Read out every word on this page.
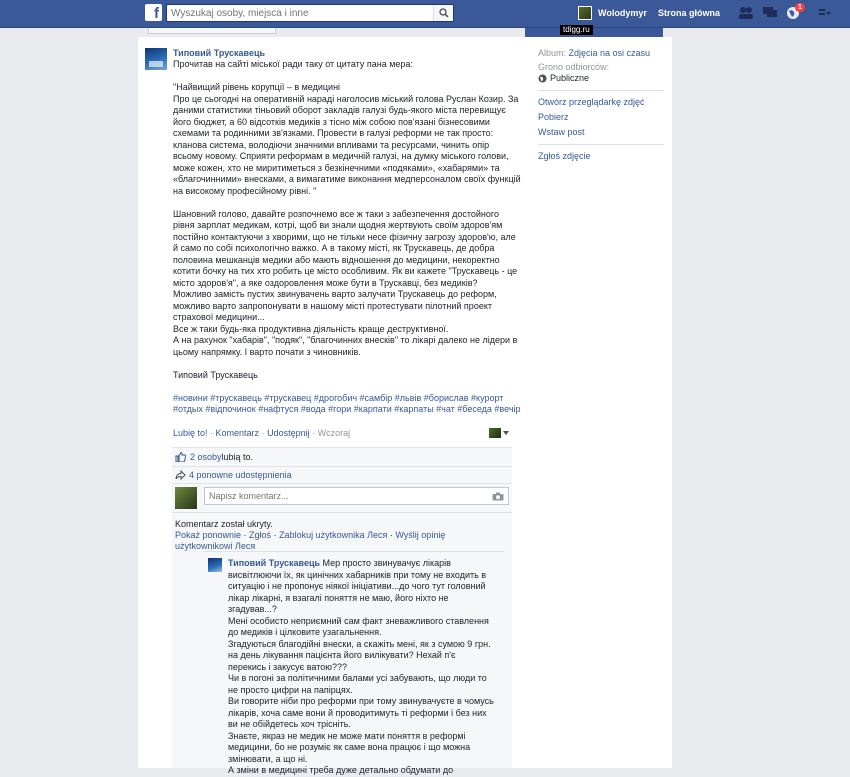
f
Wyszukaj osoby, miejsca i inne	Wolodymyr Strona główna
1
tdigg.ru
Типовий Трускавець

Прочитав на сайті міської ради таку от цитату пана мера:

"Найвищий рівень корупції – в медицині
Про це сьогодні на оперативній нараді наголосив міський голова Руслан Козир. За даними статистики тіньовий оборот закладів галузі будь-якого міста перевищує його бюджет, а 60 відсотків медиків з тісно між собою пов'язані бізнесовими схемами та родинними зв'язками. Провести в галузі реформи не так просто: кланова система, володіючи значними впливами та ресурсами, чинить опір всьому новому. Сприяти реформам в медичній галузі, на думку міського голови, може кожен, хто не миритиметься з безкінечними «подяками», «хабарями» та «благочинними» внесками, а вимагатиме виконання медперсоналом своїх функцій на високому професійному рівні. "

Шановний голово, давайте розпочнемо все ж таки з забезпечення достойного рівня зарплат медикам, котрі, щоб ви знали щодня жертвують своїм здоров'ям постійно контактуючи з хворими, що не тільки несе фізичну загрозу здоров'ю, але й само по собі психологічно важко. А в такому місті, як Трускавець, де добра половина мешканців медики або мають відношення до медицини, некоректно котити бочку на тих хто робить це місто особливим. Як ви кажете "Трускавець - це місто здоров'я", а яке оздоровлення може бути в Трускавці, без медиків?
Можливо замість пустих звинувачень варто залучати Трускавець до реформ, можливо варто запропонувати в нашому місті протестувати пілотний проект страхової медицини...
Все ж таки будь-яка продуктивна діяльність краще деструктивної.
А на рахунок "хабарів", "подяк", "благочинних внесків" то лікарі далеко не лідери в цьому напрямку. І варто почати з чиновників.

Типовий Трускавець

#новини #трускавець #трускавец #дрогобич #самбір #львів #борислав #курорт #отдых #відпочинок #нафтуся #вода #гори #карпати #карпаты #чат #беседа #вечір

Lubię to! · Komentarz · Udostępnij · Wczoraj
2 osoby lubią to.
4 ponowne udostępnienia
Napisz komentarz...
Komentarz został ukryty.
Pokaż ponownie · Zgłoś · Zablokuj użytkownika Леся · Wyślij opinię użytkownikowi Леся
Типовий Трускавець Мер просто звинувачує лікарів висвітлюючи їх, як цинічних хабарників при тому не входить в ситуацію і не пропонує ніякої ініціативи...до чого тут головний лікар лікарні, я взагалі поняття не маю, його ніхто не згадував...?
Мені особисто неприємний сам факт зневажливого ставлення до медиків і цілковите узагальнення.
Згадуються благодійні внески, а скажіть мені, як з сумою 9 грн. на день лікування пацієнта його вилікувати? Нехай п'є перекись і закусує ватою???
Чи в погоні за політичними балами усі забувають, що люди то не просто цифри на папірцях.
Ви говорите ніби про реформи при тому звинувачуєте в чомусь лікарів, хоча саме вони й проводитимуть ті реформи і без них ви не обійдетесь хоч трісніть.
Знаєте, якраз не медик не може мати поняття в реформі медицини, бо не розуміє як саме вона працює і що можна змінювати, а що ні.
А зміни в медицині треба дуже детально обдумати до
Album: Zdjęcia na osi czasu
Grono odbiorców:
Publiczne
Otwórz przeglądarkę zdjęć
Pobierz
Wstaw post
Zgłoś zdjęcie
